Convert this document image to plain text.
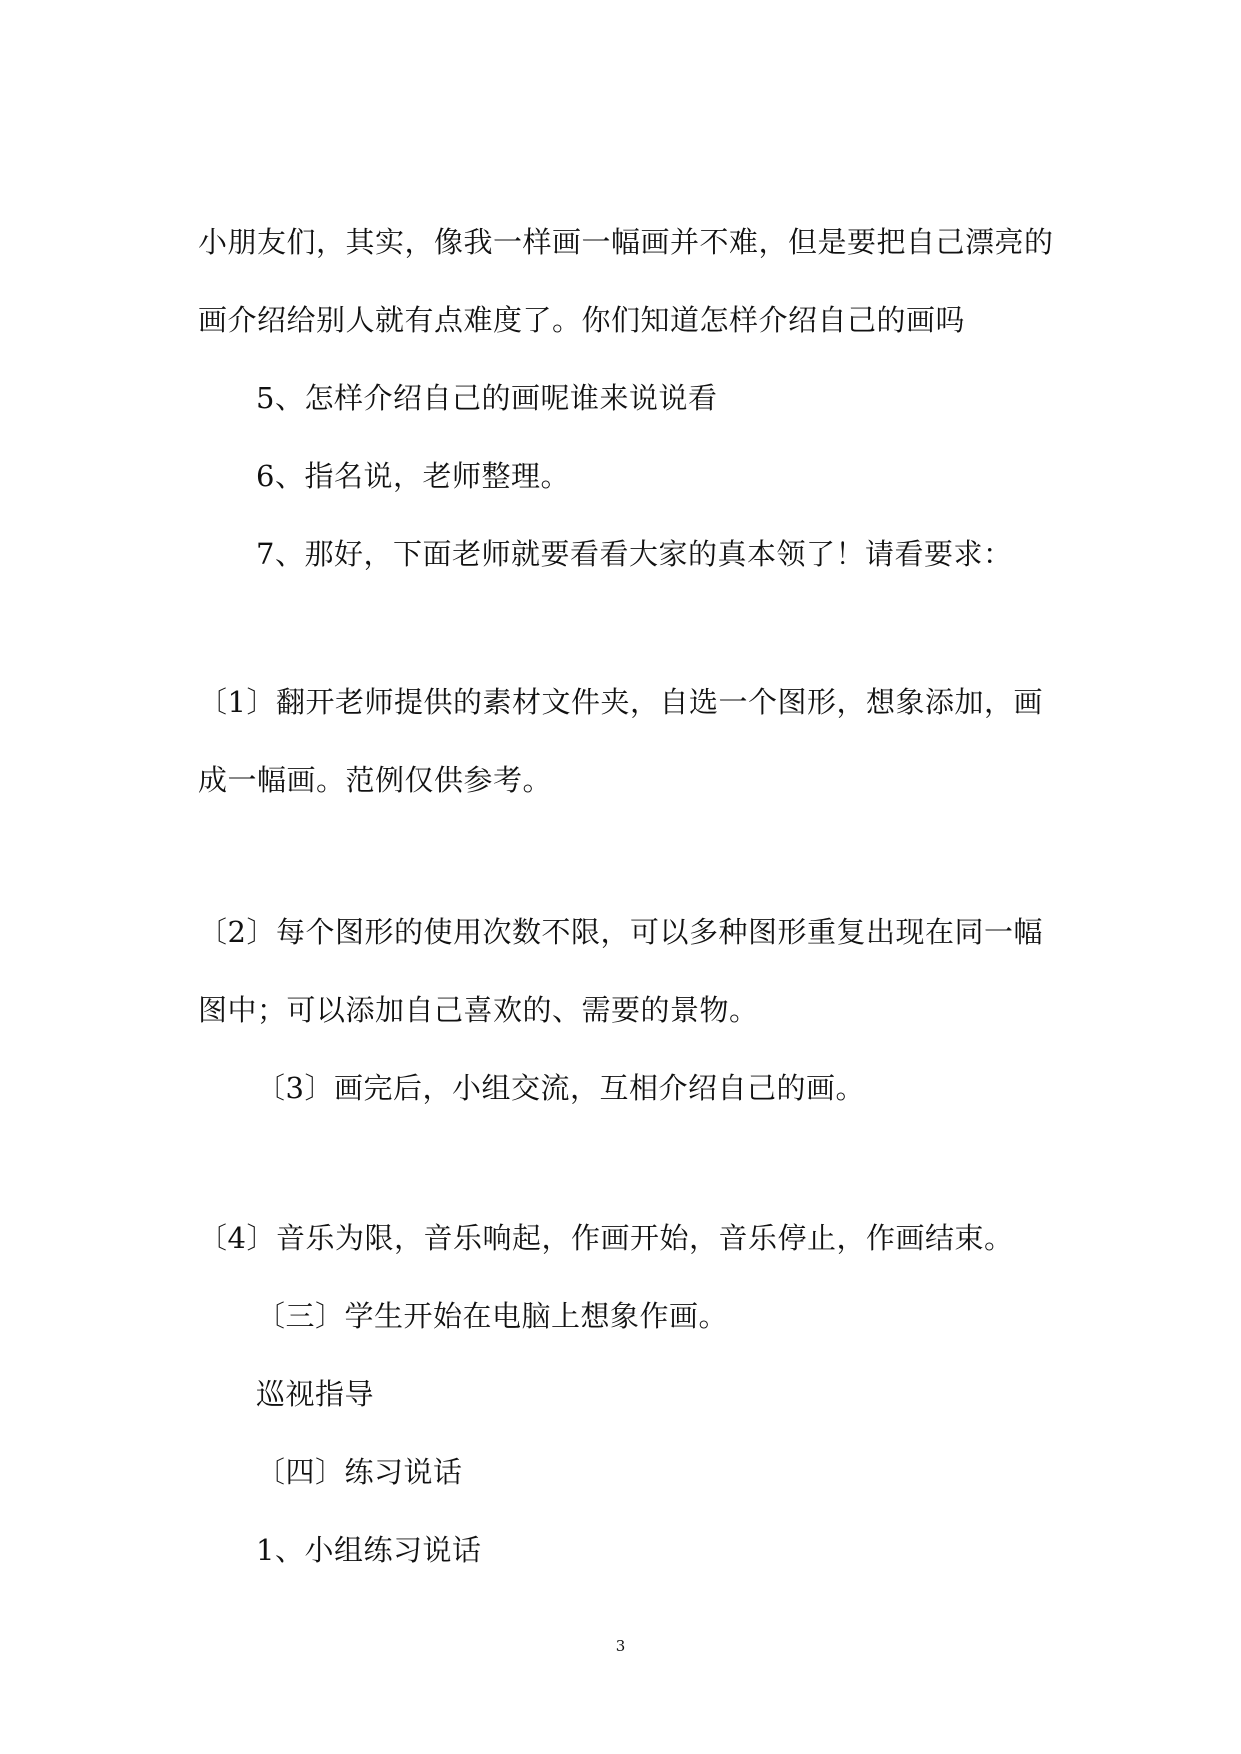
小朋友们，其实，像我一样画一幅画并不难，但是要把自己漂亮的
画介绍给别人就有点难度了。你们知道怎样介绍自己的画吗
5、怎样介绍自己的画呢谁来说说看
6、指名说，老师整理。
7、那好，下面老师就要看看大家的真本领了！请看要求：
〔1〕翻开老师提供的素材文件夹，自选一个图形，想象添加，画
成一幅画。范例仅供参考。
〔2〕每个图形的使用次数不限，可以多种图形重复出现在同一幅
图中；可以添加自己喜欢的、需要的景物。
〔3〕画完后，小组交流，互相介绍自己的画。
〔4〕音乐为限，音乐响起，作画开始，音乐停止，作画结束。
〔三〕学生开始在电脑上想象作画。
巡视指导
〔四〕练习说话
1、小组练习说话
3
